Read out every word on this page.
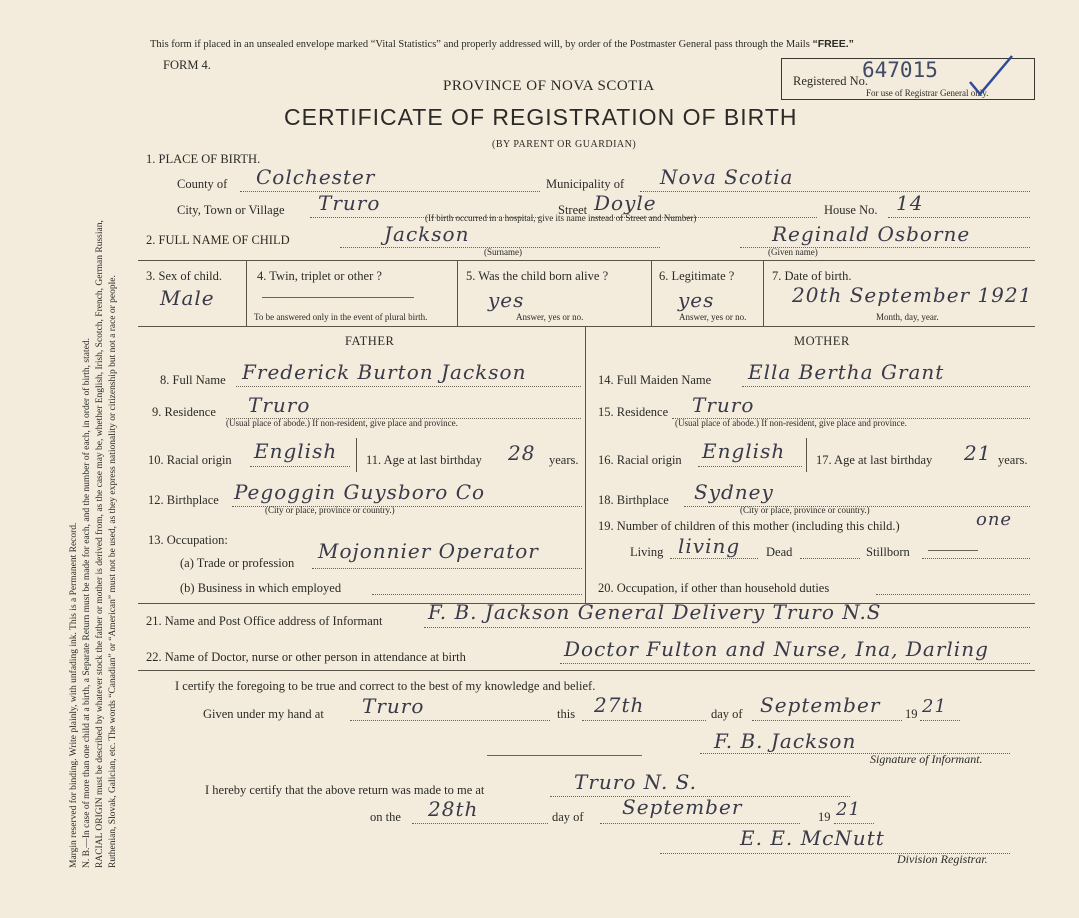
Margin reserved for binding. Write plainly, with unfading ink. This is a Permanent Record. N. B.—In case of more than one child at a birth, a Separate Return must be made for each, and the number of each, in order of birth, stated. RACIAL ORIGIN must be described by whatever stock the father or mother is derived from, as the case may be, whether English, Irish, Scotch, French, German Russian, Ruthenian, Slovak, Galician, etc. The words “Canadian” or “American” must not be used, as they express nationality or citizenship but not a race or people.
This form if placed in an unsealed envelope marked “Vital Statistics” and properly addressed will, by order of the Postmaster General pass through the Mails “FREE.”
FORM 4.
PROVINCE OF NOVA SCOTIA
CERTIFICATE OF REGISTRATION OF BIRTH
(BY PARENT OR GUARDIAN)
Registered No.
647015
For use of Registrar General only.
1. PLACE OF BIRTH.
County of Colchester	Municipality of Nova Scotia
City, Town or Village Truro	Street Doyle	House No. 14
(If birth occurred in a hospital, give its name instead of Street and Number)
2. FULL NAME OF CHILD	Jackson
(Surname)
Reginald Osborne
(Given name)
3. Sex of child.
Male
4. Twin, triplet or other ?
To be answered only in the event of plural birth.
5. Was the child born alive ?
yes
Answer, yes or no.
6. Legitimate ?
yes
Answer, yes or no.
7. Date of birth.
20th September 1921
Month, day, year.
FATHER	MOTHER
8. Full Name Frederick Burton Jackson
9. Residence Truro
(Usual place of abode.) If non-resident, give place and province.
10. Racial origin English 11. Age at last birthday 28 years.
12. Birthplace Pegoggin Guysboro Co
(City or place, province or country.)
13. Occupation:
(a) Trade or profession Mojonnier Operator
(b) Business in which employed
14. Full Maiden Name Ella Bertha Grant
15. Residence Truro
(Usual place of abode.) If non-resident, give place and province.
16. Racial origin English 17. Age at last birthday 21 years.
18. Birthplace Sydney
(City or place, province or country.)
19. Number of children of this mother (including this child.)	one
Living living Dead	Stillborn
20. Occupation, if other than household duties
21. Name and Post Office address of Informant F. B. Jackson General Delivery Truro N.S
22. Name of Doctor, nurse or other person in attendance at birth	Doctor Fulton and Nurse, Ina, Darling
I certify the foregoing to be true and correct to the best of my knowledge and belief.
Given under my hand at Truro	this 27th	day of September 19 21
F. B. Jackson
Signature of Informant.
I hereby certify that the above return was made to me at	Truro N. S.
on the 28th	day of September	19 21
E. E. McNutt
Division Registrar.
